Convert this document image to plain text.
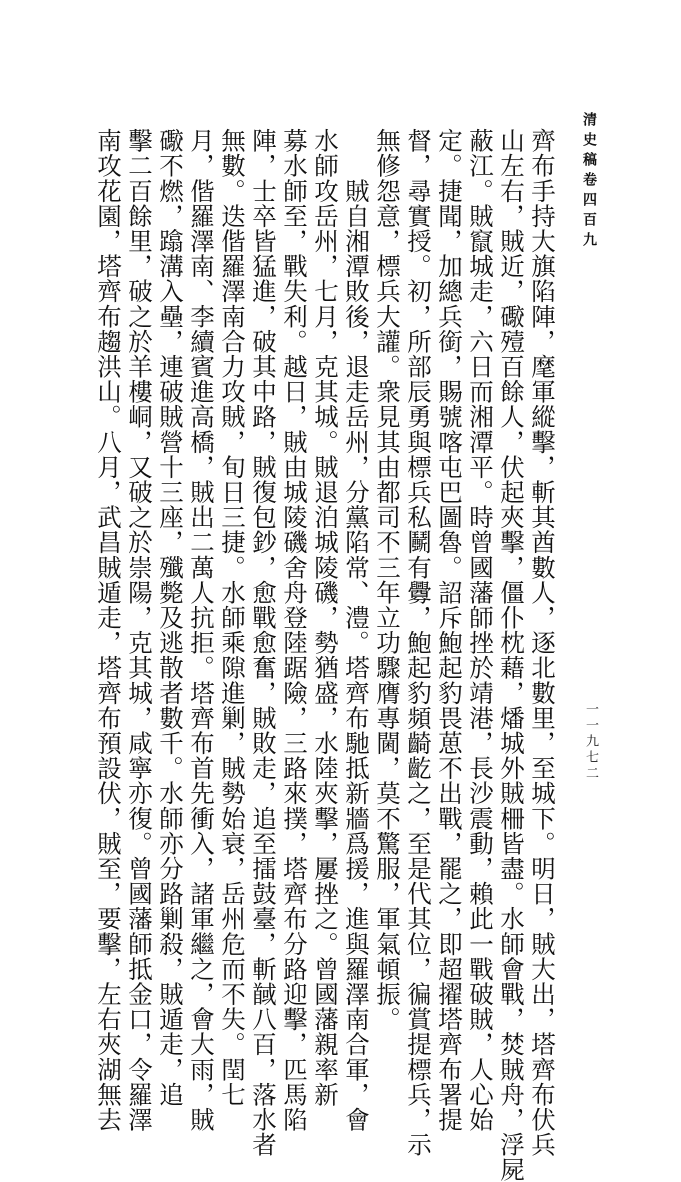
清史稿卷四百九
一一九七二
齊布手持大旗陷陣，麾軍縱擊，斬其酋數人，逐北數里，至城下。明日，賊大出，塔齊布伏兵
山左右，賊近，礮殪百餘人，伏起夾擊，僵仆枕藉，燔城外賊柵皆盡。水師會戰，焚賊舟，浮屍
蔽江。賊竄城走，六日而湘潭平。時曾國藩師挫於靖港，長沙震動，賴此一戰破賊，人心始
定。捷聞，加總兵銜，賜號喀屯巴圖魯。詔斥鮑起豹畏葸不出戰，罷之，即超擢塔齊布署提
督，尋實授。初，所部辰勇與標兵私鬭有釁，鮑起豹頻齮齕之，至是代其位，徧賞提標兵，示
無修怨意，標兵大讙。衆見其由都司不三年立功驟膺專閫，莫不驚服，軍氣頓振。
　　賊自湘潭敗後，退走岳州，分黨陷常、澧。塔齊布馳抵新牆爲援，進與羅澤南合軍，會
水師攻岳州，七月，克其城。賊退泊城陵磯，勢猶盛，水陸夾擊，屢挫之。曾國藩親率新
募水師至，戰失利。越日，賊由城陵磯舍舟登陸踞險，三路來撲，塔齊布分路迎擊，匹馬陷
陣，士卒皆猛進，破其中路，賊復包鈔，愈戰愈奮，賊敗走，追至擂鼓臺，斬馘八百，落水者
無數。迭偕羅澤南合力攻賊，旬日三捷。水師乘隙進剿，賊勢始衰，岳州危而不失。閏七
月，偕羅澤南、李續賓進高橋，賊出二萬人抗拒。塔齊布首先衝入，諸軍繼之，會大雨，賊
礮不燃，蹹溝入壘，連破賊營十三座，殲斃及逃散者數千。水師亦分路剿殺，賊遁走，追
擊二百餘里，破之於羊樓峒，又破之於崇陽，克其城，咸寧亦復。曾國藩師抵金口，令羅澤
南攻花園，塔齊布趨洪山。八月，武昌賊遁走，塔齊布預設伏，賊至，要擊，左右夾湖無去
